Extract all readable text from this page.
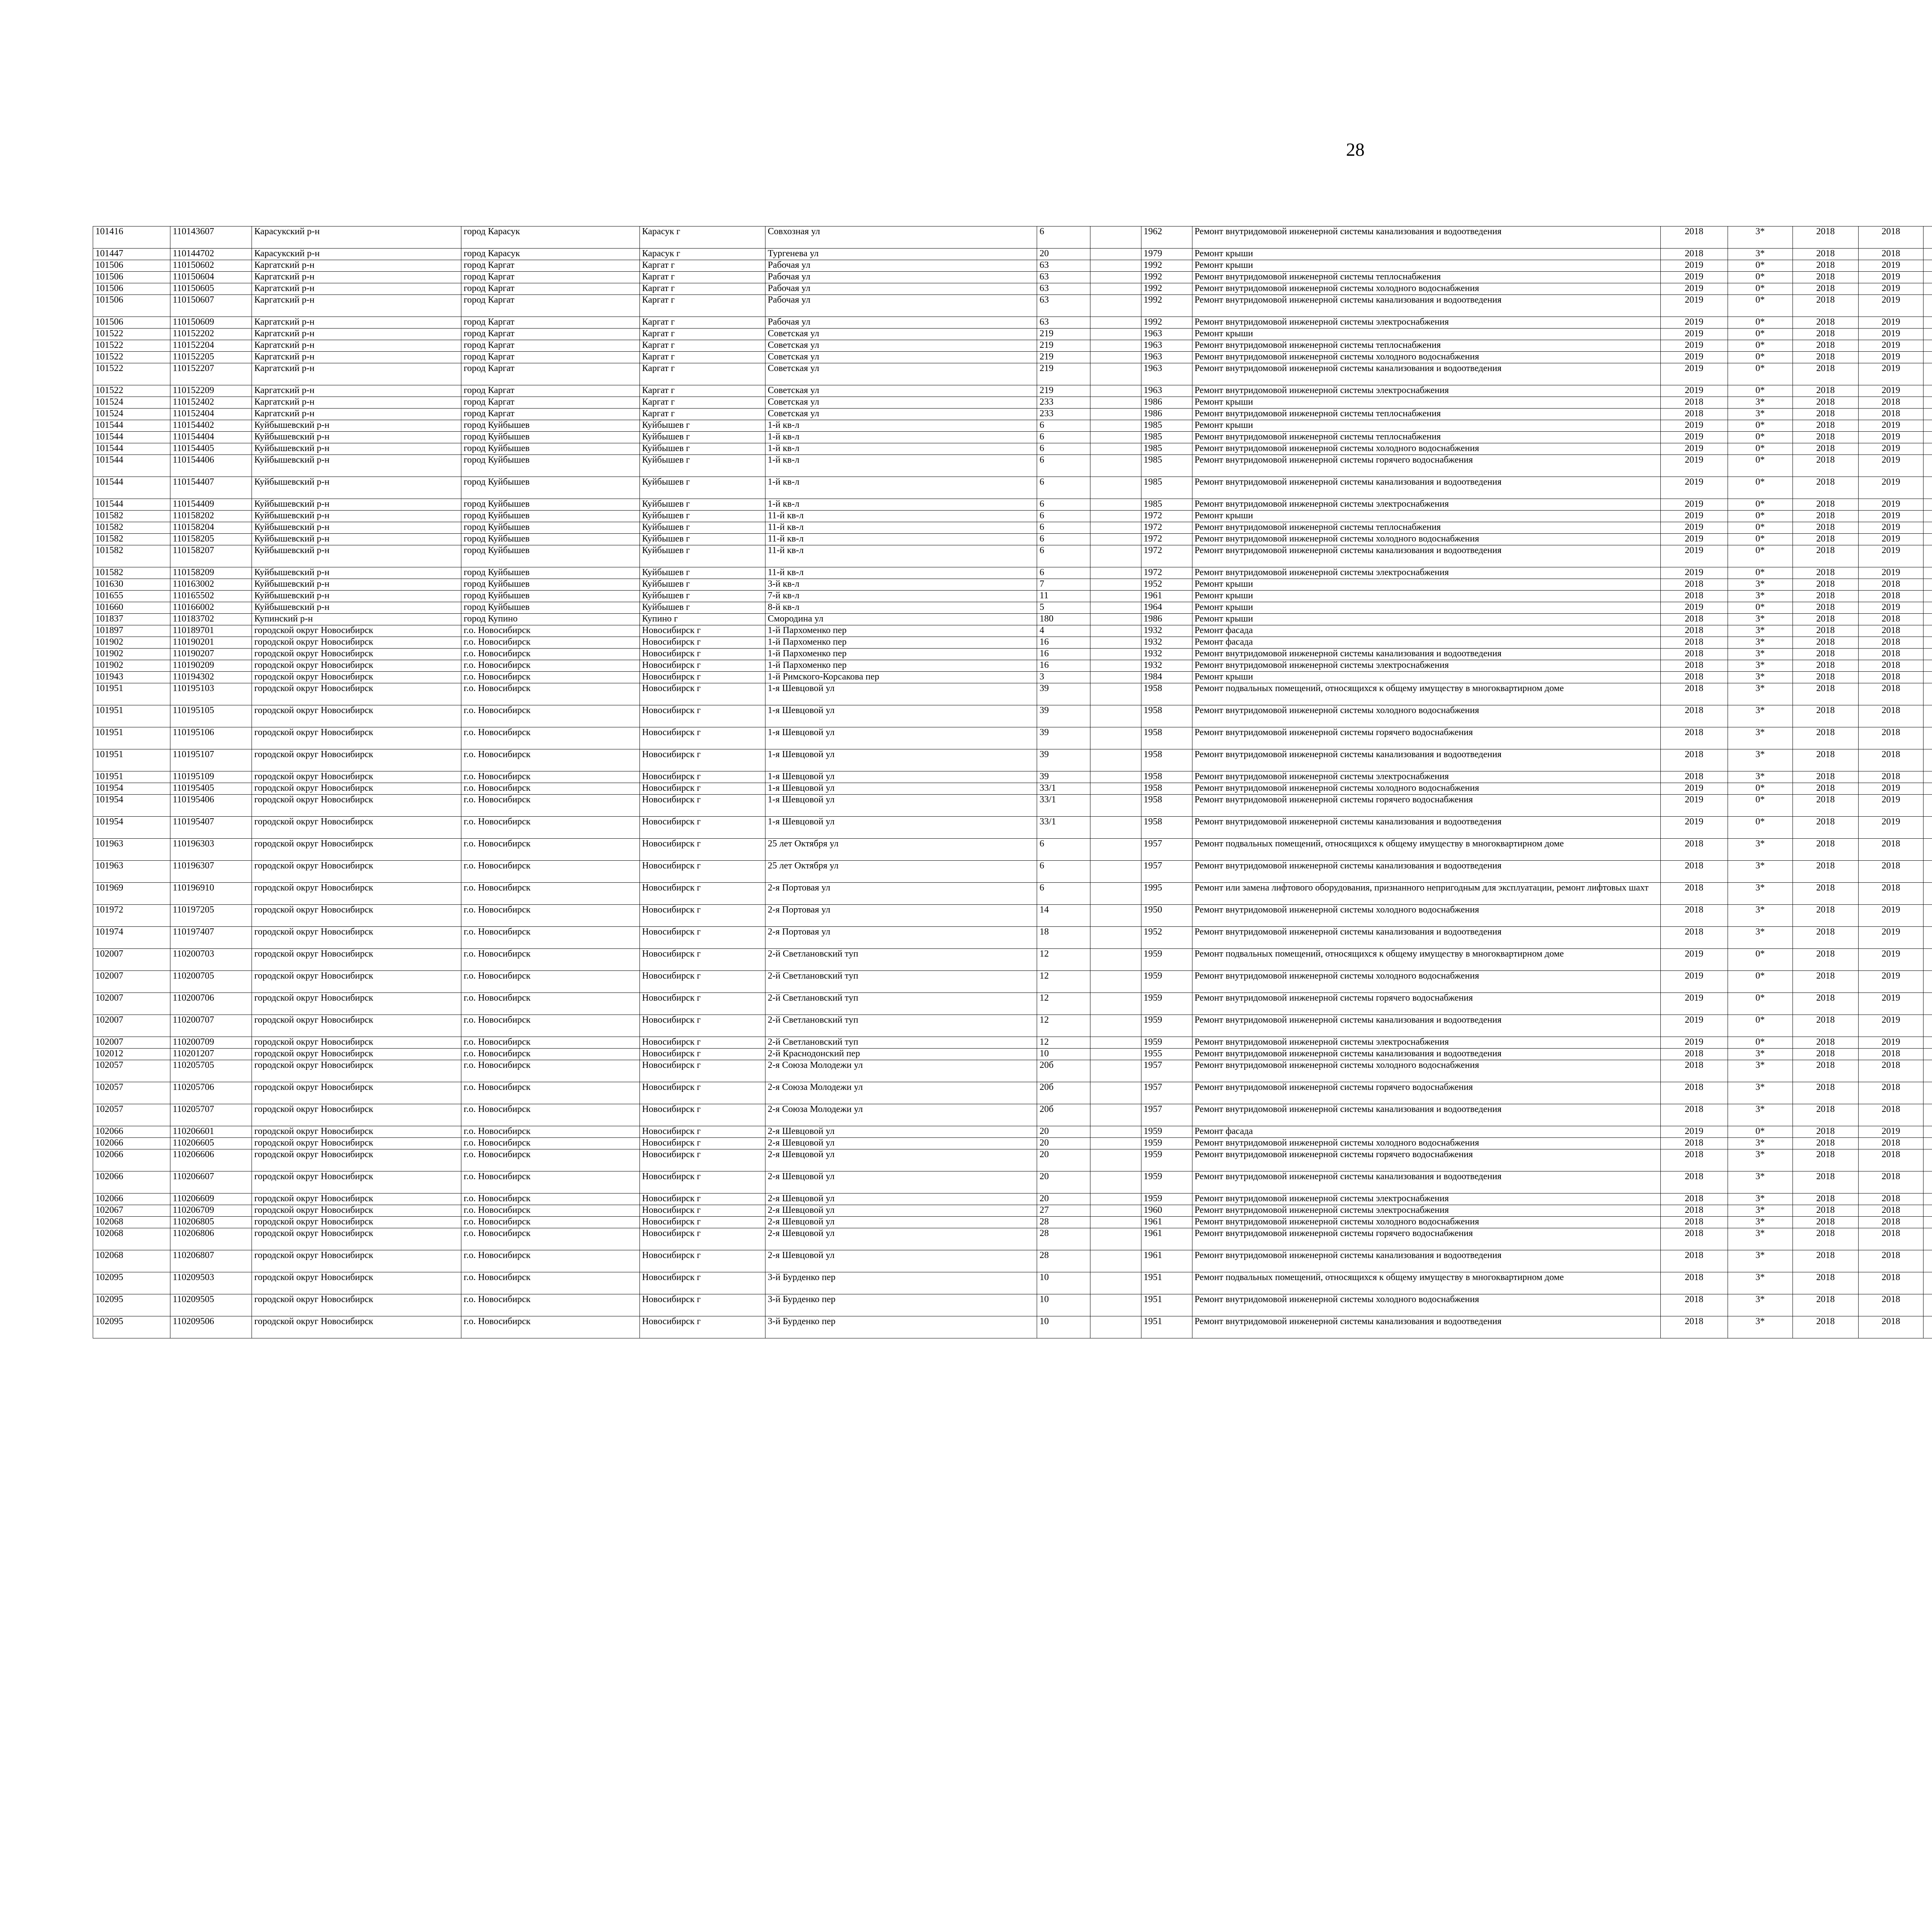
28
101416	110143607	Карасукский р-н	город Карасук	Карасук г	Совхозная ул	6		1962	Ремонт внутридомовой инженерной системы канализования и водоотведения	2018	3*	2018	2018								
101447	110144702	Карасукский р-н	город Карасук	Карасук г	Тургенева ул	20		1979	Ремонт крыши	2018	3*	2018	2018								
101506	110150602	Каргатский р-н	город Каргат	Каргат г	Рабочая ул	63		1992	Ремонт крыши	2019	0*	2018	2019								
101506	110150604	Каргатский р-н	город Каргат	Каргат г	Рабочая ул	63		1992	Ремонт внутридомовой инженерной системы теплоснабжения	2019	0*	2018	2019								
101506	110150605	Каргатский р-н	город Каргат	Каргат г	Рабочая ул	63		1992	Ремонт внутридомовой инженерной системы холодного водоснабжения	2019	0*	2018	2019								
101506	110150607	Каргатский р-н	город Каргат	Каргат г	Рабочая ул	63		1992	Ремонт внутридомовой инженерной системы канализования и водоотведения	2019	0*	2018	2019								
101506	110150609	Каргатский р-н	город Каргат	Каргат г	Рабочая ул	63		1992	Ремонт внутридомовой инженерной системы электроснабжения	2019	0*	2018	2019								
101522	110152202	Каргатский р-н	город Каргат	Каргат г	Советская ул	219		1963	Ремонт крыши	2019	0*	2018	2019								
101522	110152204	Каргатский р-н	город Каргат	Каргат г	Советская ул	219		1963	Ремонт внутридомовой инженерной системы теплоснабжения	2019	0*	2018	2019								
101522	110152205	Каргатский р-н	город Каргат	Каргат г	Советская ул	219		1963	Ремонт внутридомовой инженерной системы холодного водоснабжения	2019	0*	2018	2019								
101522	110152207	Каргатский р-н	город Каргат	Каргат г	Советская ул	219		1963	Ремонт внутридомовой инженерной системы канализования и водоотведения	2019	0*	2018	2019								
101522	110152209	Каргатский р-н	город Каргат	Каргат г	Советская ул	219		1963	Ремонт внутридомовой инженерной системы электроснабжения	2019	0*	2018	2019								
101524	110152402	Каргатский р-н	город Каргат	Каргат г	Советская ул	233		1986	Ремонт крыши	2018	3*	2018	2018								
101524	110152404	Каргатский р-н	город Каргат	Каргат г	Советская ул	233		1986	Ремонт внутридомовой инженерной системы теплоснабжения	2018	3*	2018	2018								
101544	110154402	Куйбышевский р-н	город Куйбышев	Куйбышев г	1-й кв-л	6		1985	Ремонт крыши	2019	0*	2018	2019								
101544	110154404	Куйбышевский р-н	город Куйбышев	Куйбышев г	1-й кв-л	6		1985	Ремонт внутридомовой инженерной системы теплоснабжения	2019	0*	2018	2019								
101544	110154405	Куйбышевский р-н	город Куйбышев	Куйбышев г	1-й кв-л	6		1985	Ремонт внутридомовой инженерной системы холодного водоснабжения	2019	0*	2018	2019								
101544	110154406	Куйбышевский р-н	город Куйбышев	Куйбышев г	1-й кв-л	6		1985	Ремонт внутридомовой инженерной системы горячего водоснабжения	2019	0*	2018	2019								
101544	110154407	Куйбышевский р-н	город Куйбышев	Куйбышев г	1-й кв-л	6		1985	Ремонт внутридомовой инженерной системы канализования и водоотведения	2019	0*	2018	2019								
101544	110154409	Куйбышевский р-н	город Куйбышев	Куйбышев г	1-й кв-л	6		1985	Ремонт внутридомовой инженерной системы электроснабжения	2019	0*	2018	2019								
101582	110158202	Куйбышевский р-н	город Куйбышев	Куйбышев г	11-й кв-л	6		1972	Ремонт крыши	2019	0*	2018	2019								
101582	110158204	Куйбышевский р-н	город Куйбышев	Куйбышев г	11-й кв-л	6		1972	Ремонт внутридомовой инженерной системы теплоснабжения	2019	0*	2018	2019								
101582	110158205	Куйбышевский р-н	город Куйбышев	Куйбышев г	11-й кв-л	6		1972	Ремонт внутридомовой инженерной системы холодного водоснабжения	2019	0*	2018	2019								
101582	110158207	Куйбышевский р-н	город Куйбышев	Куйбышев г	11-й кв-л	6		1972	Ремонт внутридомовой инженерной системы канализования и водоотведения	2019	0*	2018	2019								
101582	110158209	Куйбышевский р-н	город Куйбышев	Куйбышев г	11-й кв-л	6		1972	Ремонт внутридомовой инженерной системы электроснабжения	2019	0*	2018	2019								
101630	110163002	Куйбышевский р-н	город Куйбышев	Куйбышев г	3-й кв-л	7		1952	Ремонт крыши	2018	3*	2018	2018								
101655	110165502	Куйбышевский р-н	город Куйбышев	Куйбышев г	7-й кв-л	11		1961	Ремонт крыши	2018	3*	2018	2018								
101660	110166002	Куйбышевский р-н	город Куйбышев	Куйбышев г	8-й кв-л	5		1964	Ремонт крыши	2019	0*	2018	2019								
101837	110183702	Купинский р-н	город Купино	Купино г	Смородина ул	180		1986	Ремонт крыши	2018	3*	2018	2018								
101897	110189701	городской округ Новосибирск	г.о. Новосибирск	Новосибирск г	1-й Пархоменко пер	4		1932	Ремонт фасада	2018	3*	2018	2018								
101902	110190201	городской округ Новосибирск	г.о. Новосибирск	Новосибирск г	1-й Пархоменко пер	16		1932	Ремонт фасада	2018	3*	2018	2018								
101902	110190207	городской округ Новосибирск	г.о. Новосибирск	Новосибирск г	1-й Пархоменко пер	16		1932	Ремонт внутридомовой инженерной системы канализования и водоотведения	2018	3*	2018	2018								
101902	110190209	городской округ Новосибирск	г.о. Новосибирск	Новосибирск г	1-й Пархоменко пер	16		1932	Ремонт внутридомовой инженерной системы электроснабжения	2018	3*	2018	2018								
101943	110194302	городской округ Новосибирск	г.о. Новосибирск	Новосибирск г	1-й Римского-Корсакова пер	3		1984	Ремонт крыши	2018	3*	2018	2018								
101951	110195103	городской округ Новосибирск	г.о. Новосибирск	Новосибирск г	1-я Шевцовой ул	39		1958	Ремонт подвальных помещений, относящихся к общему имуществу в многоквартирном доме	2018	3*	2018	2018								
101951	110195105	городской округ Новосибирск	г.о. Новосибирск	Новосибирск г	1-я Шевцовой ул	39		1958	Ремонт внутридомовой инженерной системы холодного водоснабжения	2018	3*	2018	2018								
101951	110195106	городской округ Новосибирск	г.о. Новосибирск	Новосибирск г	1-я Шевцовой ул	39		1958	Ремонт внутридомовой инженерной системы горячего водоснабжения	2018	3*	2018	2018								
101951	110195107	городской округ Новосибирск	г.о. Новосибирск	Новосибирск г	1-я Шевцовой ул	39		1958	Ремонт внутридомовой инженерной системы канализования и водоотведения	2018	3*	2018	2018								
101951	110195109	городской округ Новосибирск	г.о. Новосибирск	Новосибирск г	1-я Шевцовой ул	39		1958	Ремонт внутридомовой инженерной системы электроснабжения	2018	3*	2018	2018								
101954	110195405	городской округ Новосибирск	г.о. Новосибирск	Новосибирск г	1-я Шевцовой ул	33/1		1958	Ремонт внутридомовой инженерной системы холодного водоснабжения	2019	0*	2018	2019								
101954	110195406	городской округ Новосибирск	г.о. Новосибирск	Новосибирск г	1-я Шевцовой ул	33/1		1958	Ремонт внутридомовой инженерной системы горячего водоснабжения	2019	0*	2018	2019								
101954	110195407	городской округ Новосибирск	г.о. Новосибирск	Новосибирск г	1-я Шевцовой ул	33/1		1958	Ремонт внутридомовой инженерной системы канализования и водоотведения	2019	0*	2018	2019								
101963	110196303	городской округ Новосибирск	г.о. Новосибирск	Новосибирск г	25 лет Октября ул	6		1957	Ремонт подвальных помещений, относящихся к общему имуществу в многоквартирном доме	2018	3*	2018	2018								
101963	110196307	городской округ Новосибирск	г.о. Новосибирск	Новосибирск г	25 лет Октября ул	6		1957	Ремонт внутридомовой инженерной системы канализования и водоотведения	2018	3*	2018	2018								
101969	110196910	городской округ Новосибирск	г.о. Новосибирск	Новосибирск г	2-я Портовая ул	6		1995	Ремонт или замена лифтового оборудования, признанного непригодным для эксплуатации, ремонт лифтовых шахт	2018	3*	2018	2018								
101972	110197205	городской округ Новосибирск	г.о. Новосибирск	Новосибирск г	2-я Портовая ул	14		1950	Ремонт внутридомовой инженерной системы холодного водоснабжения	2018	3*	2018	2019								
101974	110197407	городской округ Новосибирск	г.о. Новосибирск	Новосибирск г	2-я Портовая ул	18		1952	Ремонт внутридомовой инженерной системы канализования и водоотведения	2018	3*	2018	2019								
102007	110200703	городской округ Новосибирск	г.о. Новосибирск	Новосибирск г	2-й Светлановский туп	12		1959	Ремонт подвальных помещений, относящихся к общему имуществу в многоквартирном доме	2019	0*	2018	2019								
102007	110200705	городской округ Новосибирск	г.о. Новосибирск	Новосибирск г	2-й Светлановский туп	12		1959	Ремонт внутридомовой инженерной системы холодного водоснабжения	2019	0*	2018	2019								
102007	110200706	городской округ Новосибирск	г.о. Новосибирск	Новосибирск г	2-й Светлановский туп	12		1959	Ремонт внутридомовой инженерной системы горячего водоснабжения	2019	0*	2018	2019								
102007	110200707	городской округ Новосибирск	г.о. Новосибирск	Новосибирск г	2-й Светлановский туп	12		1959	Ремонт внутридомовой инженерной системы канализования и водоотведения	2019	0*	2018	2019								
102007	110200709	городской округ Новосибирск	г.о. Новосибирск	Новосибирск г	2-й Светлановский туп	12		1959	Ремонт внутридомовой инженерной системы электроснабжения	2019	0*	2018	2019								
102012	110201207	городской округ Новосибирск	г.о. Новосибирск	Новосибирск г	2-й Краснодонский пер	10		1955	Ремонт внутридомовой инженерной системы канализования и водоотведения	2018	3*	2018	2018								
102057	110205705	городской округ Новосибирск	г.о. Новосибирск	Новосибирск г	2-я Союза Молодежи ул	20б		1957	Ремонт внутридомовой инженерной системы холодного водоснабжения	2018	3*	2018	2018								
102057	110205706	городской округ Новосибирск	г.о. Новосибирск	Новосибирск г	2-я Союза Молодежи ул	20б		1957	Ремонт внутридомовой инженерной системы горячего водоснабжения	2018	3*	2018	2018								
102057	110205707	городской округ Новосибирск	г.о. Новосибирск	Новосибирск г	2-я Союза Молодежи ул	20б		1957	Ремонт внутридомовой инженерной системы канализования и водоотведения	2018	3*	2018	2018								
102066	110206601	городской округ Новосибирск	г.о. Новосибирск	Новосибирск г	2-я Шевцовой ул	20		1959	Ремонт фасада	2019	0*	2018	2019								
102066	110206605	городской округ Новосибирск	г.о. Новосибирск	Новосибирск г	2-я Шевцовой ул	20		1959	Ремонт внутридомовой инженерной системы холодного водоснабжения	2018	3*	2018	2018								
102066	110206606	городской округ Новосибирск	г.о. Новосибирск	Новосибирск г	2-я Шевцовой ул	20		1959	Ремонт внутридомовой инженерной системы горячего водоснабжения	2018	3*	2018	2018								
102066	110206607	городской округ Новосибирск	г.о. Новосибирск	Новосибирск г	2-я Шевцовой ул	20		1959	Ремонт внутридомовой инженерной системы канализования и водоотведения	2018	3*	2018	2018								
102066	110206609	городской округ Новосибирск	г.о. Новосибирск	Новосибирск г	2-я Шевцовой ул	20		1959	Ремонт внутридомовой инженерной системы электроснабжения	2018	3*	2018	2018								
102067	110206709	городской округ Новосибирск	г.о. Новосибирск	Новосибирск г	2-я Шевцовой ул	27		1960	Ремонт внутридомовой инженерной системы электроснабжения	2018	3*	2018	2018								
102068	110206805	городской округ Новосибирск	г.о. Новосибирск	Новосибирск г	2-я Шевцовой ул	28		1961	Ремонт внутридомовой инженерной системы холодного водоснабжения	2018	3*	2018	2018								
102068	110206806	городской округ Новосибирск	г.о. Новосибирск	Новосибирск г	2-я Шевцовой ул	28		1961	Ремонт внутридомовой инженерной системы горячего водоснабжения	2018	3*	2018	2018								
102068	110206807	городской округ Новосибирск	г.о. Новосибирск	Новосибирск г	2-я Шевцовой ул	28		1961	Ремонт внутридомовой инженерной системы канализования и водоотведения	2018	3*	2018	2018								
102095	110209503	городской округ Новосибирск	г.о. Новосибирск	Новосибирск г	3-й Бурденко пер	10		1951	Ремонт подвальных помещений, относящихся к общему имуществу в многоквартирном доме	2018	3*	2018	2018								
102095	110209505	городской округ Новосибирск	г.о. Новосибирск	Новосибирск г	3-й Бурденко пер	10		1951	Ремонт внутридомовой инженерной системы холодного водоснабжения	2018	3*	2018	2018								
102095	110209506	городской округ Новосибирск	г.о. Новосибирск	Новосибирск г	3-й Бурденко пер	10		1951	Ремонт внутридомовой инженерной системы канализования и водоотведения	2018	3*	2018	2018								
